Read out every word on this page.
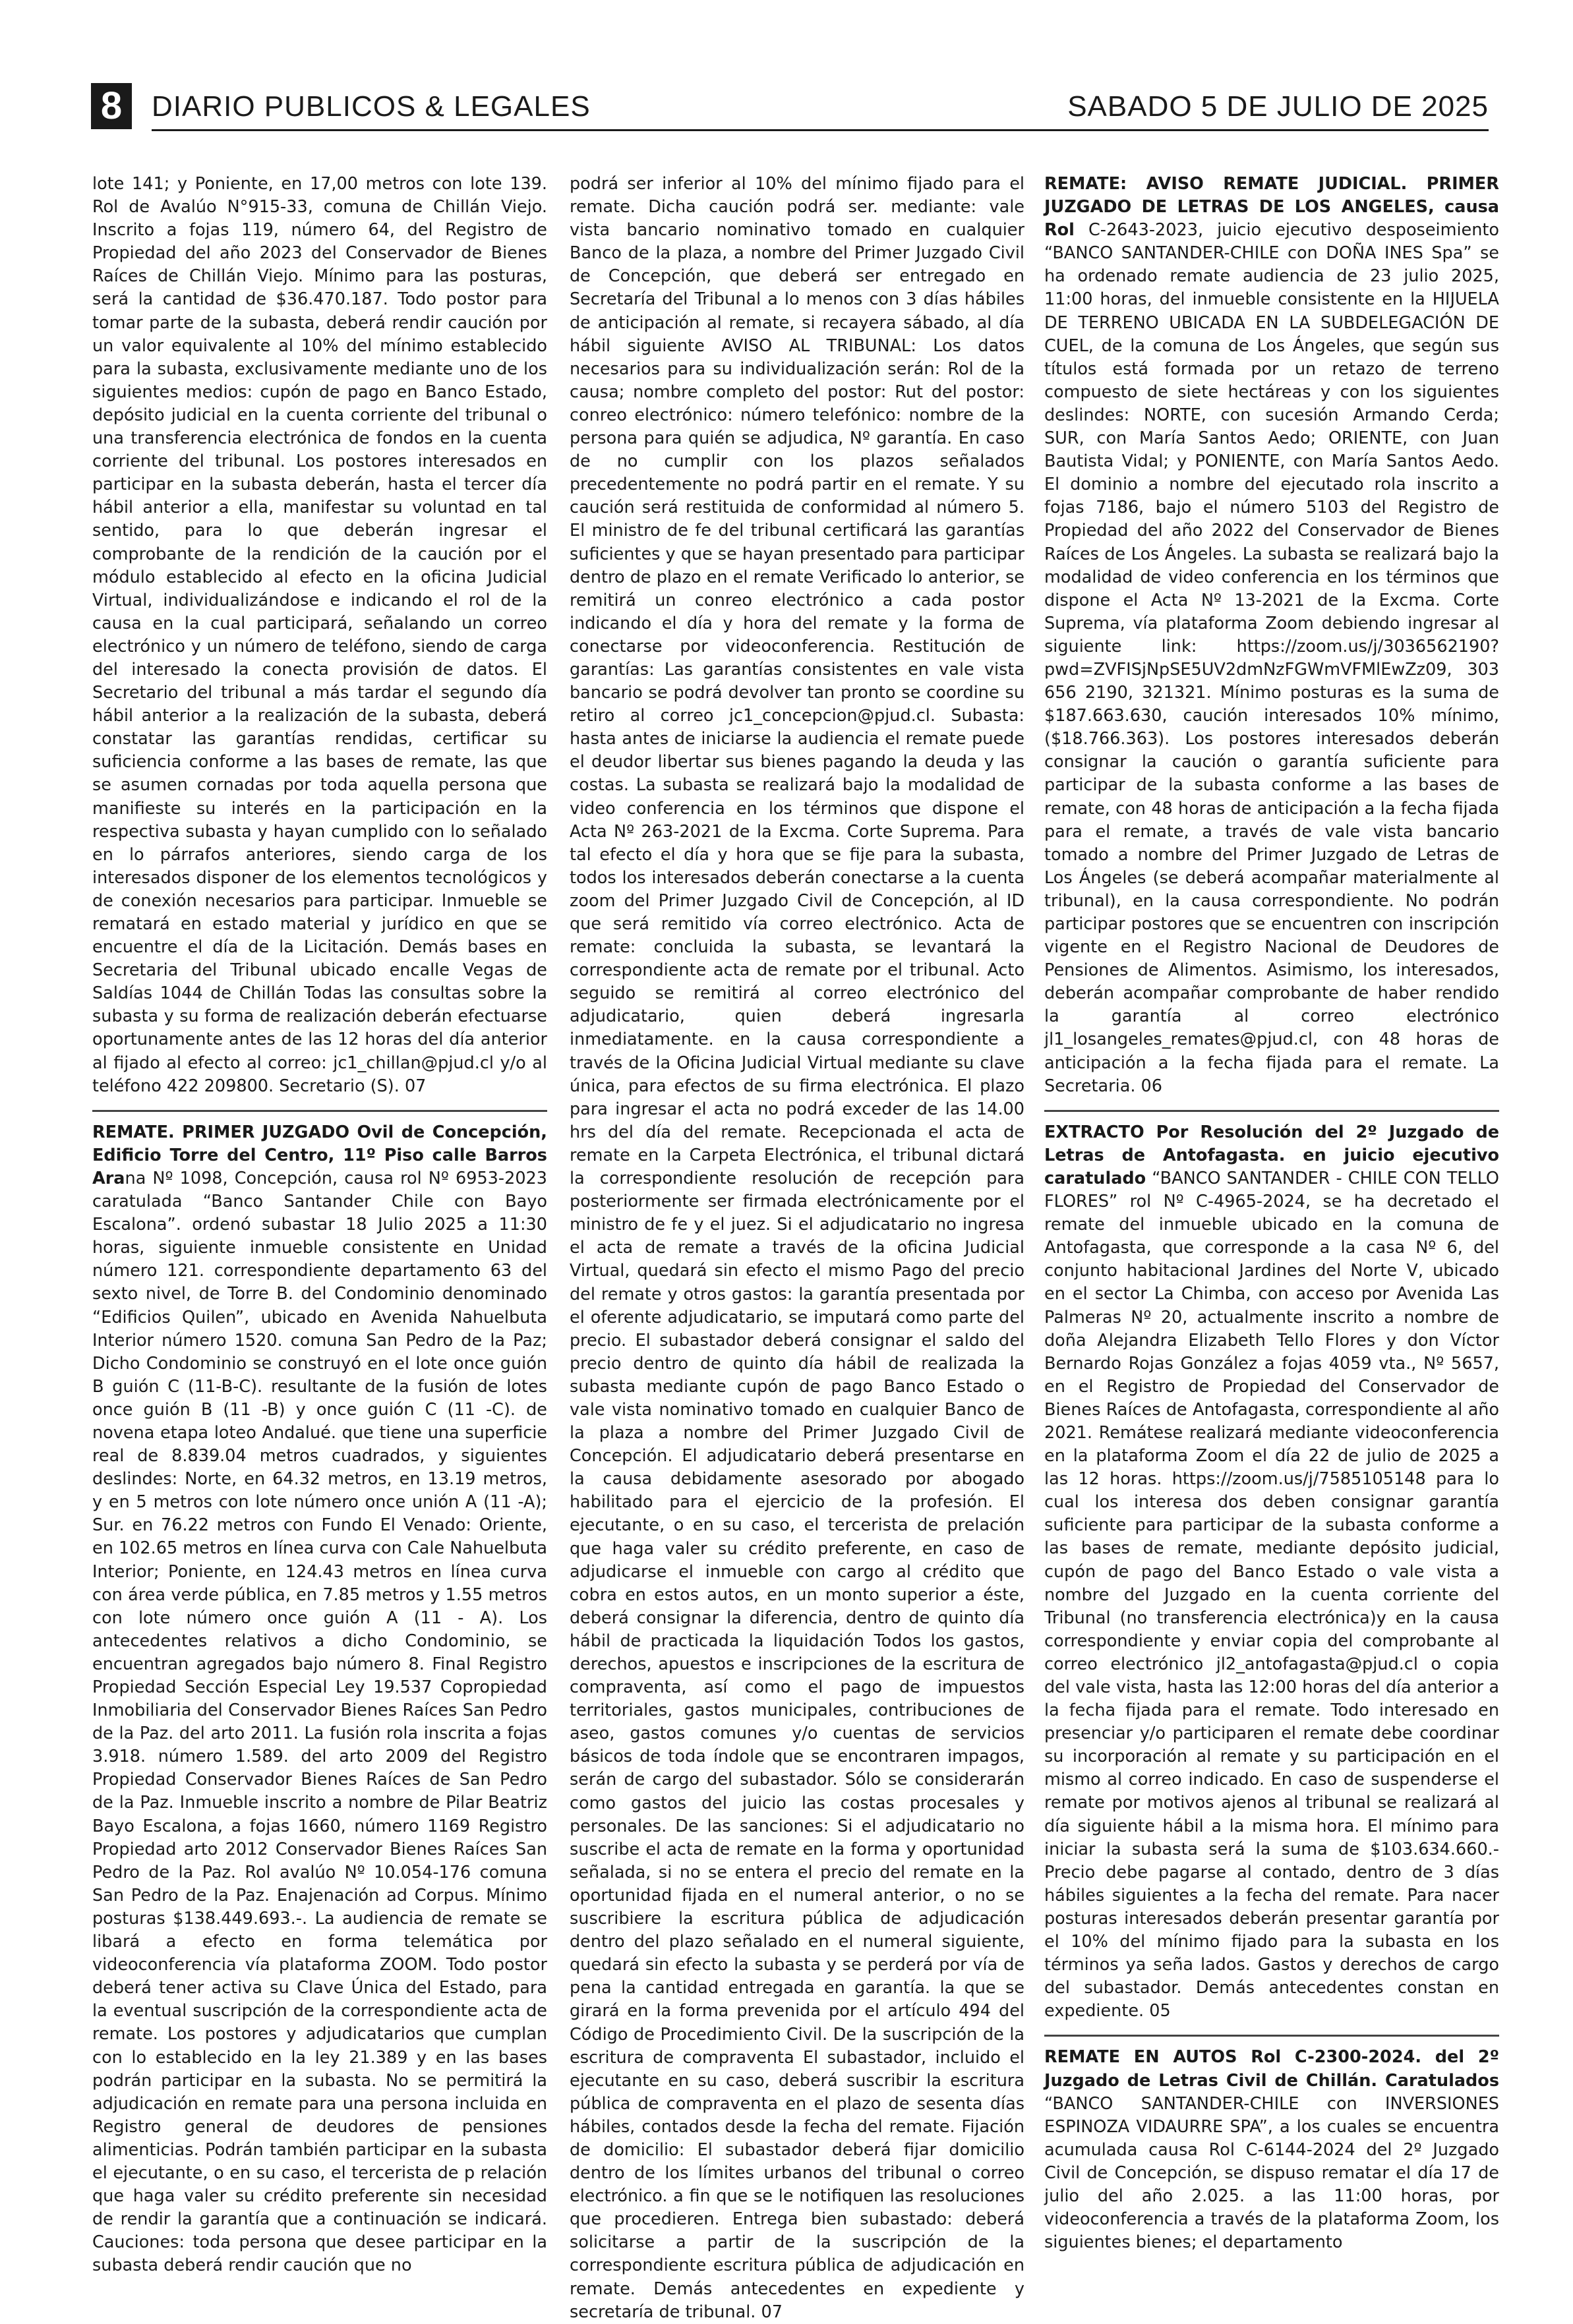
8	DIARIO PUBLICOS & LEGALES	SABADO 5 DE JULIO DE 2025

lote 141; y Poniente, en 17,00 metros con lote 139. Rol de Avalúo N°915-33, comuna de Chillán Viejo. Inscrito a fojas 119, número 64, del Registro de Propiedad del año 2023 del Conservador de Bienes Raíces de Chillán Viejo. Mínimo para las posturas, será la cantidad de $36.470.187. Todo postor para tomar parte de la subasta, deberá rendir caución por un valor equivalente al 10% del mínimo establecido para la subasta, exclusivamente mediante uno de los siguientes medios: cupón de pago en Banco Estado, depósito judicial en la cuenta corriente del tribunal o una transferencia electrónica de fondos en la cuenta corriente del tribunal. Los postores interesados en participar en la subasta deberán, hasta el tercer día hábil anterior a ella, manifestar su voluntad en tal sentido, para lo que deberán ingresar el comprobante de la rendición de la caución por el módulo establecido al efecto en la oficina Judicial Virtual, individualizándose e indicando el rol de la causa en la cual participará, señalando un correo electrónico y un número de teléfono, siendo de carga del interesado la conecta provisión de datos. El Secretario del tribunal a más tardar el segundo día hábil anterior a la realización de la subasta, deberá constatar las garantías rendidas, certificar su suficiencia conforme a las bases de remate, las que se asumen cornadas por toda aquella persona que manifieste su interés en la participación en la respectiva subasta y hayan cumplido con lo señalado en lo párrafos anteriores, siendo carga de los interesados disponer de los elementos tecnológicos y de conexión necesarios para participar. Inmueble se rematará en estado material y jurídico en que se encuentre el día de la Licitación. Demás bases en Secretaria del Tribunal ubicado encalle Vegas de Saldías 1044 de Chillán Todas las consultas sobre la subasta y su forma de realización deberán efectuarse oportunamente antes de las 12 horas del día anterior al fijado al efecto al correo: jc1_chillan@pjud.cl y/o al teléfono 422 209800. Secretario (S). 07

REMATE. PRIMER JUZGADO Ovil de Concepción, Edificio Torre del Centro, 11º Piso calle Barros Arana Nº 1098, Concepción, causa rol Nº 6953-2023 caratulada “Banco Santander Chile con Bayo Escalona”. ordenó subastar 18 Julio 2025 a 11:30 horas, siguiente inmueble consistente en Unidad número 121. correspondiente departamento 63 del sexto nivel, de Torre B. del Condominio denominado “Edificios Quilen”, ubicado en Avenida Nahuelbuta Interior número 1520. comuna San Pedro de la Paz; Dicho Condominio se construyó en el lote once guión B guión C (11-B-C). resultante de la fusión de lotes once guión B (11 -B) y once guión C (11 -C). de novena etapa loteo Andalué. que tiene una superficie real de 8.839.04 metros cuadrados, y siguientes deslindes: Norte, en 64.32 metros, en 13.19 metros, y en 5 metros con lote número once unión A (11 -A); Sur. en 76.22 metros con Fundo El Venado: Oriente, en 102.65 metros en línea curva con Cale Nahuelbuta Interior; Poniente, en 124.43 metros en línea curva con área verde pública, en 7.85 metros y 1.55 metros con lote número once guión A (11 - A). Los antecedentes relativos a dicho Condominio, se encuentran agregados bajo número 8. Final Registro Propiedad Sección Especial Ley 19.537 Copropiedad Inmobiliaria del Conservador Bienes Raíces San Pedro de la Paz. del arto 2011. La fusión rola inscrita a fojas 3.918. número 1.589. del arto 2009 del Registro Propiedad Conservador Bienes Raíces de San Pedro de la Paz. Inmueble inscrito a nombre de Pilar Beatriz Bayo Escalona, a fojas 1660, número 1169 Registro Propiedad arto 2012 Conservador Bienes Raíces San Pedro de la Paz. Rol avalúo Nº 10.054-176 comuna San Pedro de la Paz. Enajenación ad Corpus. Mínimo posturas $138.449.693.-. La audiencia de remate se libará a efecto en forma telemática por videoconferencia vía plataforma ZOOM. Todo postor deberá tener activa su Clave Única del Estado, para la eventual suscripción de la correspondiente acta de remate. Los postores y adjudicatarios que cumplan con lo establecido en la ley 21.389 y en las bases podrán participar en la subasta. No se permitirá la adjudicación en remate para una persona incluida en Registro general de deudores de pensiones alimenticias. Podrán también participar en la subasta el ejecutante, o en su caso, el tercerista de p relación que haga valer su crédito preferente sin necesidad de rendir la garantía que a continuación se indicará. Cauciones: toda persona que desee participar en la subasta deberá rendir caución que no

podrá ser inferior al 10% del mínimo fijado para el remate. Dicha caución podrá ser. mediante: vale vista bancario nominativo tomado en cualquier Banco de la plaza, a nombre del Primer Juzgado Civil de Concepción, que deberá ser entregado en Secretaría del Tribunal a lo menos con 3 días hábiles de anticipación al remate, si recayera sábado, al día hábil siguiente AVISO AL TRIBUNAL: Los datos necesarios para su individualización serán: Rol de la causa; nombre completo del postor: Rut del postor: conreo electrónico: número telefónico: nombre de la persona para quién se adjudica, Nº garantía. En caso de no cumplir con los plazos señalados precedentemente no podrá partir en el remate. Y su caución será restituida de conformidad al número 5. El ministro de fe del tribunal certificará las garantías suficientes y que se hayan presentado para participar dentro de plazo en el remate Verificado lo anterior, se remitirá un conreo electrónico a cada postor indicando el día y hora del remate y la forma de conectarse por videoconferencia. Restitución de garantías: Las garantías consistentes en vale vista bancario se podrá devolver tan pronto se coordine su retiro al correo jc1_concepcion@pjud.cl. Subasta: hasta antes de iniciarse la audiencia el remate puede el deudor libertar sus bienes pagando la deuda y las costas. La subasta se realizará bajo la modalidad de video conferencia en los términos que dispone el Acta Nº 263-2021 de la Excma. Corte Suprema. Para tal efecto el día y hora que se fije para la subasta, todos los interesados deberán conectarse a la cuenta zoom del Primer Juzgado Civil de Concepción, al ID que será remitido vía correo electrónico. Acta de remate: concluida la subasta, se levantará la correspondiente acta de remate por el tribunal. Acto seguido se remitirá al correo electrónico del adjudicatario, quien deberá ingresarla inmediatamente. en la causa correspondiente a través de la Oficina Judicial Virtual mediante su clave única, para efectos de su firma electrónica. El plazo para ingresar el acta no podrá exceder de las 14.00 hrs del día del remate. Recepcionada el acta de remate en la Carpeta Electrónica, el tribunal dictará la correspondiente resolución de recepción para posteriormente ser firmada electrónicamente por el ministro de fe y el juez. Si el adjudicatario no ingresa el acta de remate a través de la oficina Judicial Virtual, quedará sin efecto el mismo Pago del precio del remate y otros gastos: la garantía presentada por el oferente adjudicatario, se imputará como parte del precio. El subastador deberá consignar el saldo del precio dentro de quinto día hábil de realizada la subasta mediante cupón de pago Banco Estado o vale vista nominativo tomado en cualquier Banco de la plaza a nombre del Primer Juzgado Civil de Concepción. El adjudicatario deberá presentarse en la causa debidamente asesorado por abogado habilitado para el ejercicio de la profesión. El ejecutante, o en su caso, el tercerista de prelación que haga valer su crédito preferente, en caso de adjudicarse el inmueble con cargo al crédito que cobra en estos autos, en un monto superior a éste, deberá consignar la diferencia, dentro de quinto día hábil de practicada la liquidación Todos los gastos, derechos, apuestos e inscripciones de la escritura de compraventa, así como el pago de impuestos territoriales, gastos municipales, contribuciones de aseo, gastos comunes y/o cuentas de servicios básicos de toda índole que se encontraren impagos, serán de cargo del subastador. Sólo se considerarán como gastos del juicio las costas procesales y personales. De las sanciones: Si el adjudicatario no suscribe el acta de remate en la forma y oportunidad señalada, si no se entera el precio del remate en la oportunidad fijada en el numeral anterior, o no se suscribiere la escritura pública de adjudicación dentro del plazo señalado en el numeral siguiente, quedará sin efecto la subasta y se perderá por vía de pena la cantidad entregada en garantía. la que se girará en la forma prevenida por el artículo 494 del Código de Procedimiento Civil. De la suscripción de la escritura de compraventa El subastador, incluido el ejecutante en su caso, deberá suscribir la escritura pública de compraventa en el plazo de sesenta días hábiles, contados desde la fecha del remate. Fijación de domicilio: El subastador deberá fijar domicilio dentro de los límites urbanos del tribunal o correo electrónico. a fin que se le notifiquen las resoluciones que procedieren. Entrega bien subastado: deberá solicitarse a partir de la suscripción de la correspondiente escritura pública de adjudicación en remate. Demás antecedentes en expediente y secretaría de tribunal. 07

REMATE: AVISO REMATE JUDICIAL. PRIMER JUZGADO DE LETRAS DE LOS ANGELES, causa Rol C-2643-2023, juicio ejecutivo desposeimiento “BANCO SANTANDER-CHILE con DOÑA INES Spa” se ha ordenado remate audiencia de 23 julio 2025, 11:00 horas, del inmueble consistente en la HIJUELA DE TERRENO UBICADA EN LA SUBDELEGACIÓN DE CUEL, de la comuna de Los Ángeles, que según sus títulos está formada por un retazo de terreno compuesto de siete hectáreas y con los siguientes deslindes: NORTE, con sucesión Armando Cerda; SUR, con María Santos Aedo; ORIENTE, con Juan Bautista Vidal; y PONIENTE, con María Santos Aedo. El dominio a nombre del ejecutado rola inscrito a fojas 7186, bajo el número 5103 del Registro de Propiedad del año 2022 del Conservador de Bienes Raíces de Los Ángeles. La subasta se realizará bajo la modalidad de video conferencia en los términos que dispone el Acta Nº 13-2021 de la Excma. Corte Suprema, vía plataforma Zoom debiendo ingresar al siguiente link: https://zoom.us/j/3036562190?pwd=ZVFISjNpSE5UV2dmNzFGWmVFMlEwZz09, 303 656 2190, 321321. Mínimo posturas es la suma de $187.663.630, caución interesados 10% mínimo, ($18.766.363). Los postores interesados deberán consignar la caución o garantía suficiente para participar de la subasta conforme a las bases de remate, con 48 horas de anticipación a la fecha fijada para el remate, a través de vale vista bancario tomado a nombre del Primer Juzgado de Letras de Los Ángeles (se deberá acompañar materialmente al tribunal), en la causa correspondiente. No podrán participar postores que se encuentren con inscripción vigente en el Registro Nacional de Deudores de Pensiones de Alimentos. Asimismo, los interesados, deberán acompañar comprobante de haber rendido la garantía al correo electrónico jl1_losangeles_remates@pjud.cl, con 48 horas de anticipación a la fecha fijada para el remate. La Secretaria. 06

EXTRACTO Por Resolución del 2º Juzgado de Letras de Antofagasta. en juicio ejecutivo caratulado “BANCO SANTANDER - CHILE CON TELLO FLORES” rol Nº C-4965-2024, se ha decretado el remate del inmueble ubicado en la comuna de Antofagasta, que corresponde a la casa Nº 6, del conjunto habitacional Jardines del Norte V, ubicado en el sector La Chimba, con acceso por Avenida Las Palmeras Nº 20, actualmente inscrito a nombre de doña Alejandra Elizabeth Tello Flores y don Víctor Bernardo Rojas González a fojas 4059 vta., Nº 5657, en el Registro de Propiedad del Conservador de Bienes Raíces de Antofagasta, correspondiente al año 2021. Remátese realizará mediante videoconferencia en la plataforma Zoom el día 22 de julio de 2025 a las 12 horas. https://zoom.us/j/7585105148 para lo cual los interesa dos deben consignar garantía suficiente para participar de la subasta conforme a las bases de remate, mediante depósito judicial, cupón de pago del Banco Estado o vale vista a nombre del Juzgado en la cuenta corriente del Tribunal (no transferencia electrónica)y en la causa correspondiente y enviar copia del comprobante al correo electrónico jl2_antofagasta@pjud.cl o copia del vale vista, hasta las 12:00 horas del día anterior a la fecha fijada para el remate. Todo interesado en presenciar y/o participaren el remate debe coordinar su incorporación al remate y su participación en el mismo al correo indicado. En caso de suspenderse el remate por motivos ajenos al tribunal se realizará al día siguiente hábil a la misma hora. El mínimo para iniciar la subasta será la suma de $103.634.660.- Precio debe pagarse al contado, dentro de 3 días hábiles siguientes a la fecha del remate. Para nacer posturas interesados deberán presentar garantía por el 10% del mínimo fijado para la subasta en los términos ya seña lados. Gastos y derechos de cargo del subastador. Demás antecedentes constan en expediente. 05

REMATE EN AUTOS Rol C-2300-2024. del 2º Juzgado de Letras Civil de Chillán. Caratulados “BANCO SANTANDER-CHILE con INVERSIONES ESPINOZA VIDAURRE SPA”, a los cuales se encuentra acumulada causa Rol C-6144-2024 del 2º Juzgado Civil de Concepción, se dispuso rematar el día 17 de julio del año 2.025. a las 11:00 horas, por videoconferencia a través de la plataforma Zoom, los siguientes bienes; el departamento
